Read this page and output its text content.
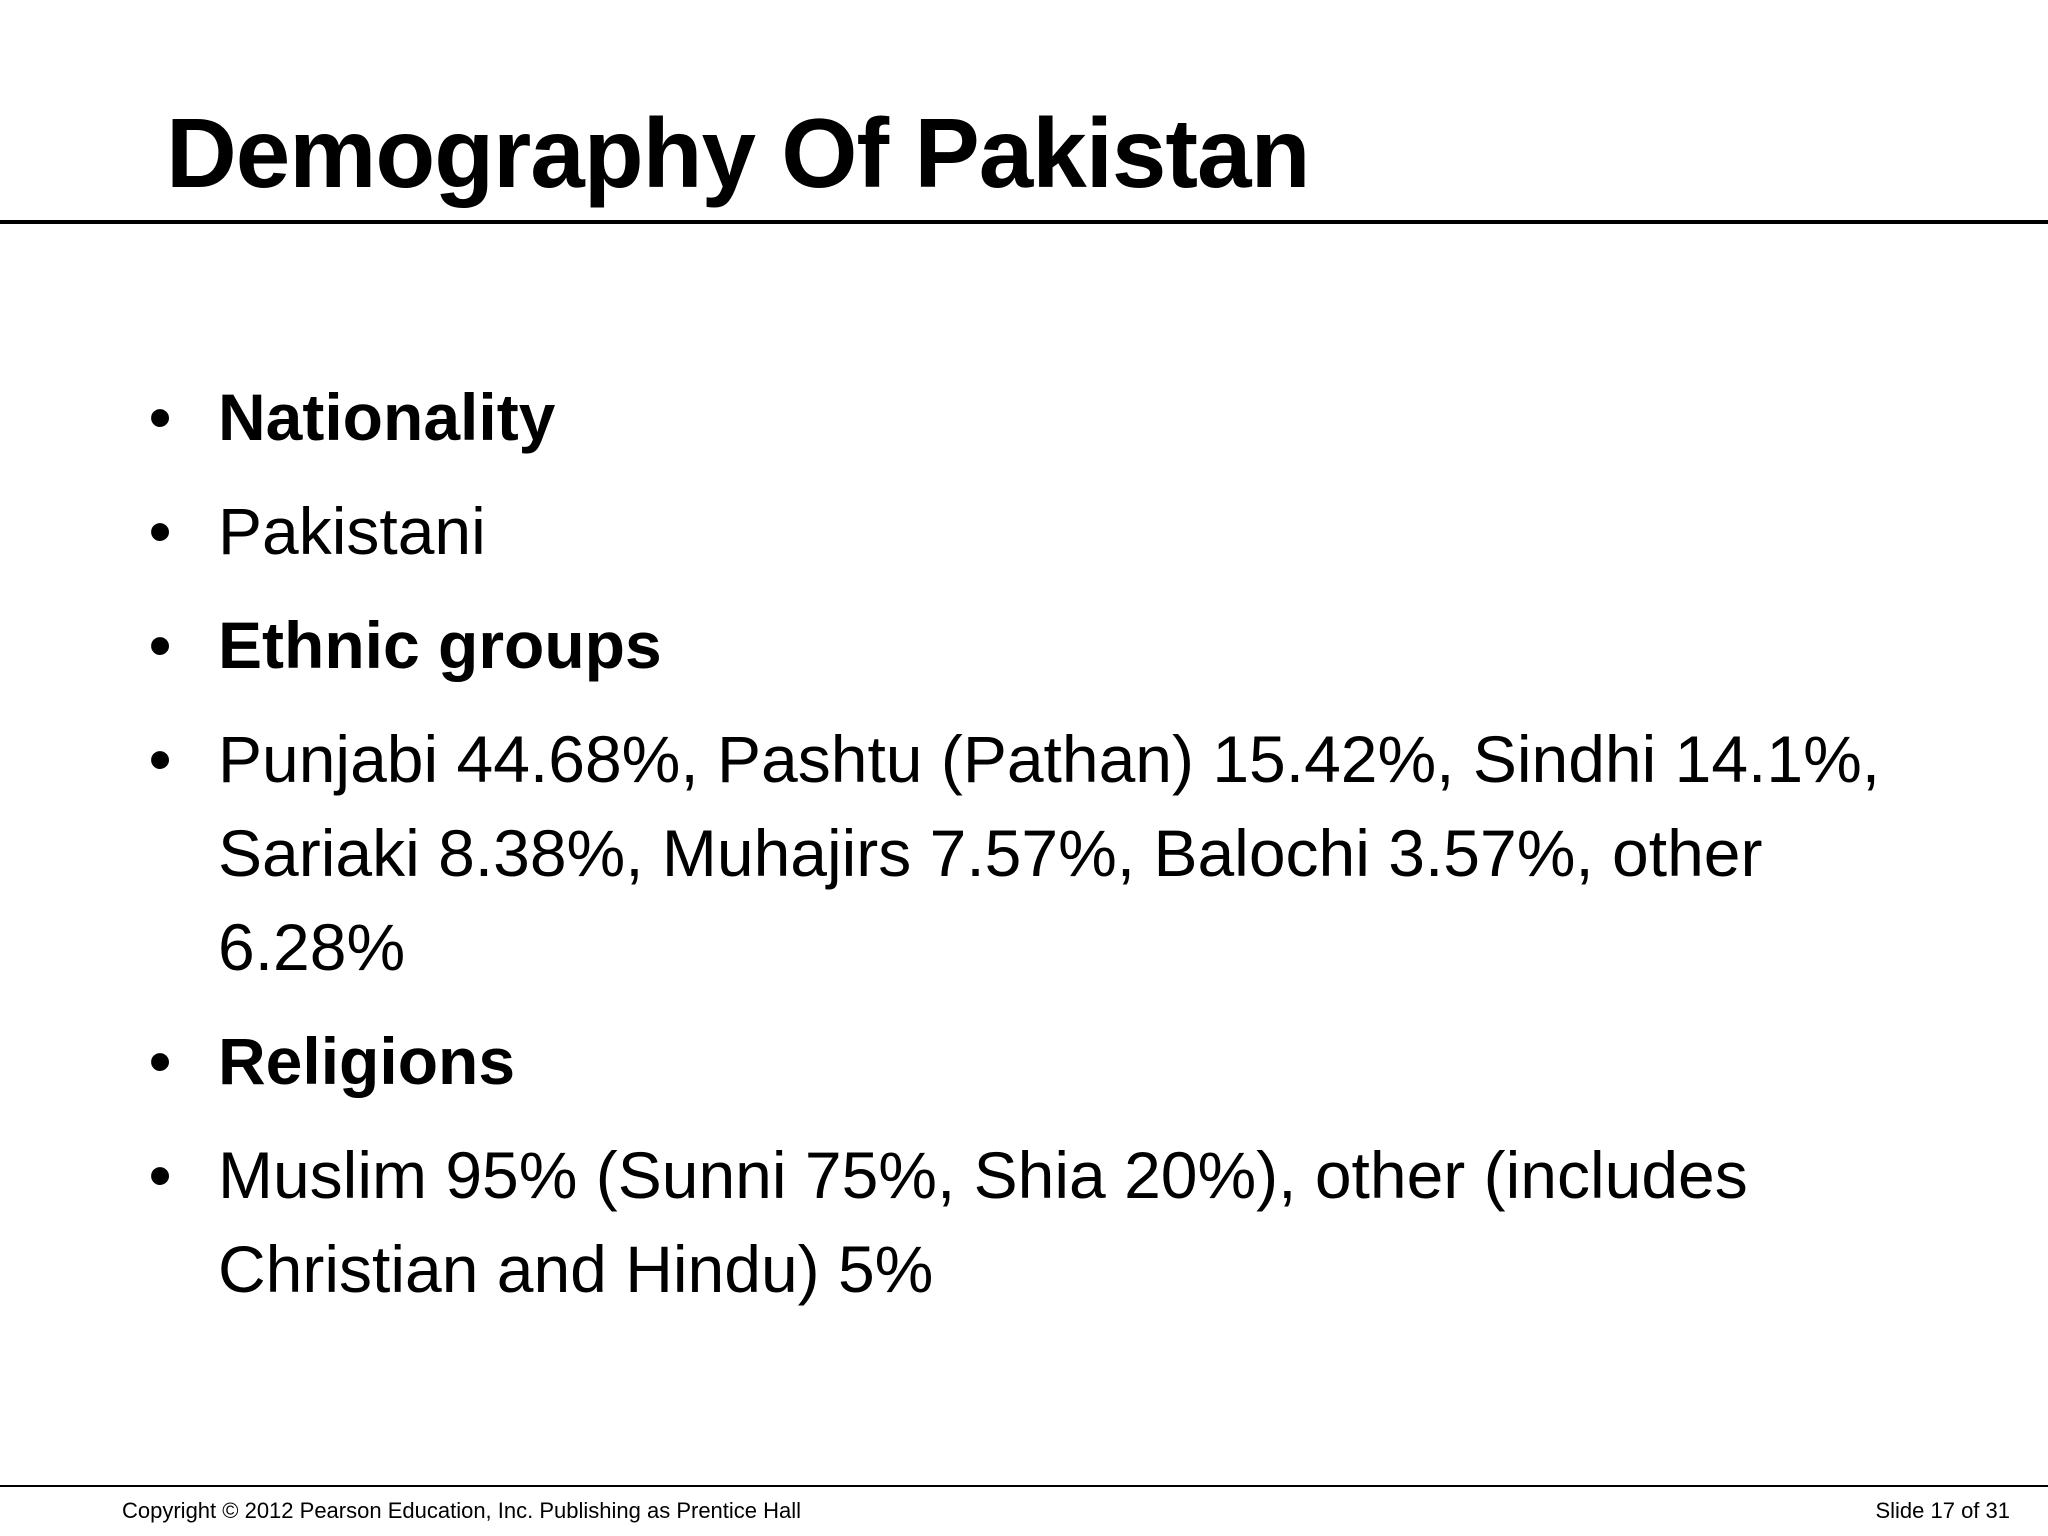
Demography Of Pakistan
• Nationality
• Pakistani
• Ethnic groups
• Punjabi 44.68%, Pashtu (Pathan) 15.42%, Sindhi 14.1%, Sariaki 8.38%, Muhajirs 7.57%, Balochi 3.57%, other 6.28%
• Religions
• Muslim 95% (Sunni 75%, Shia 20%), other (includes Christian and Hindu) 5%
Copyright © 2012 Pearson Education, Inc. Publishing as Prentice Hall	Slide 17 of 31
